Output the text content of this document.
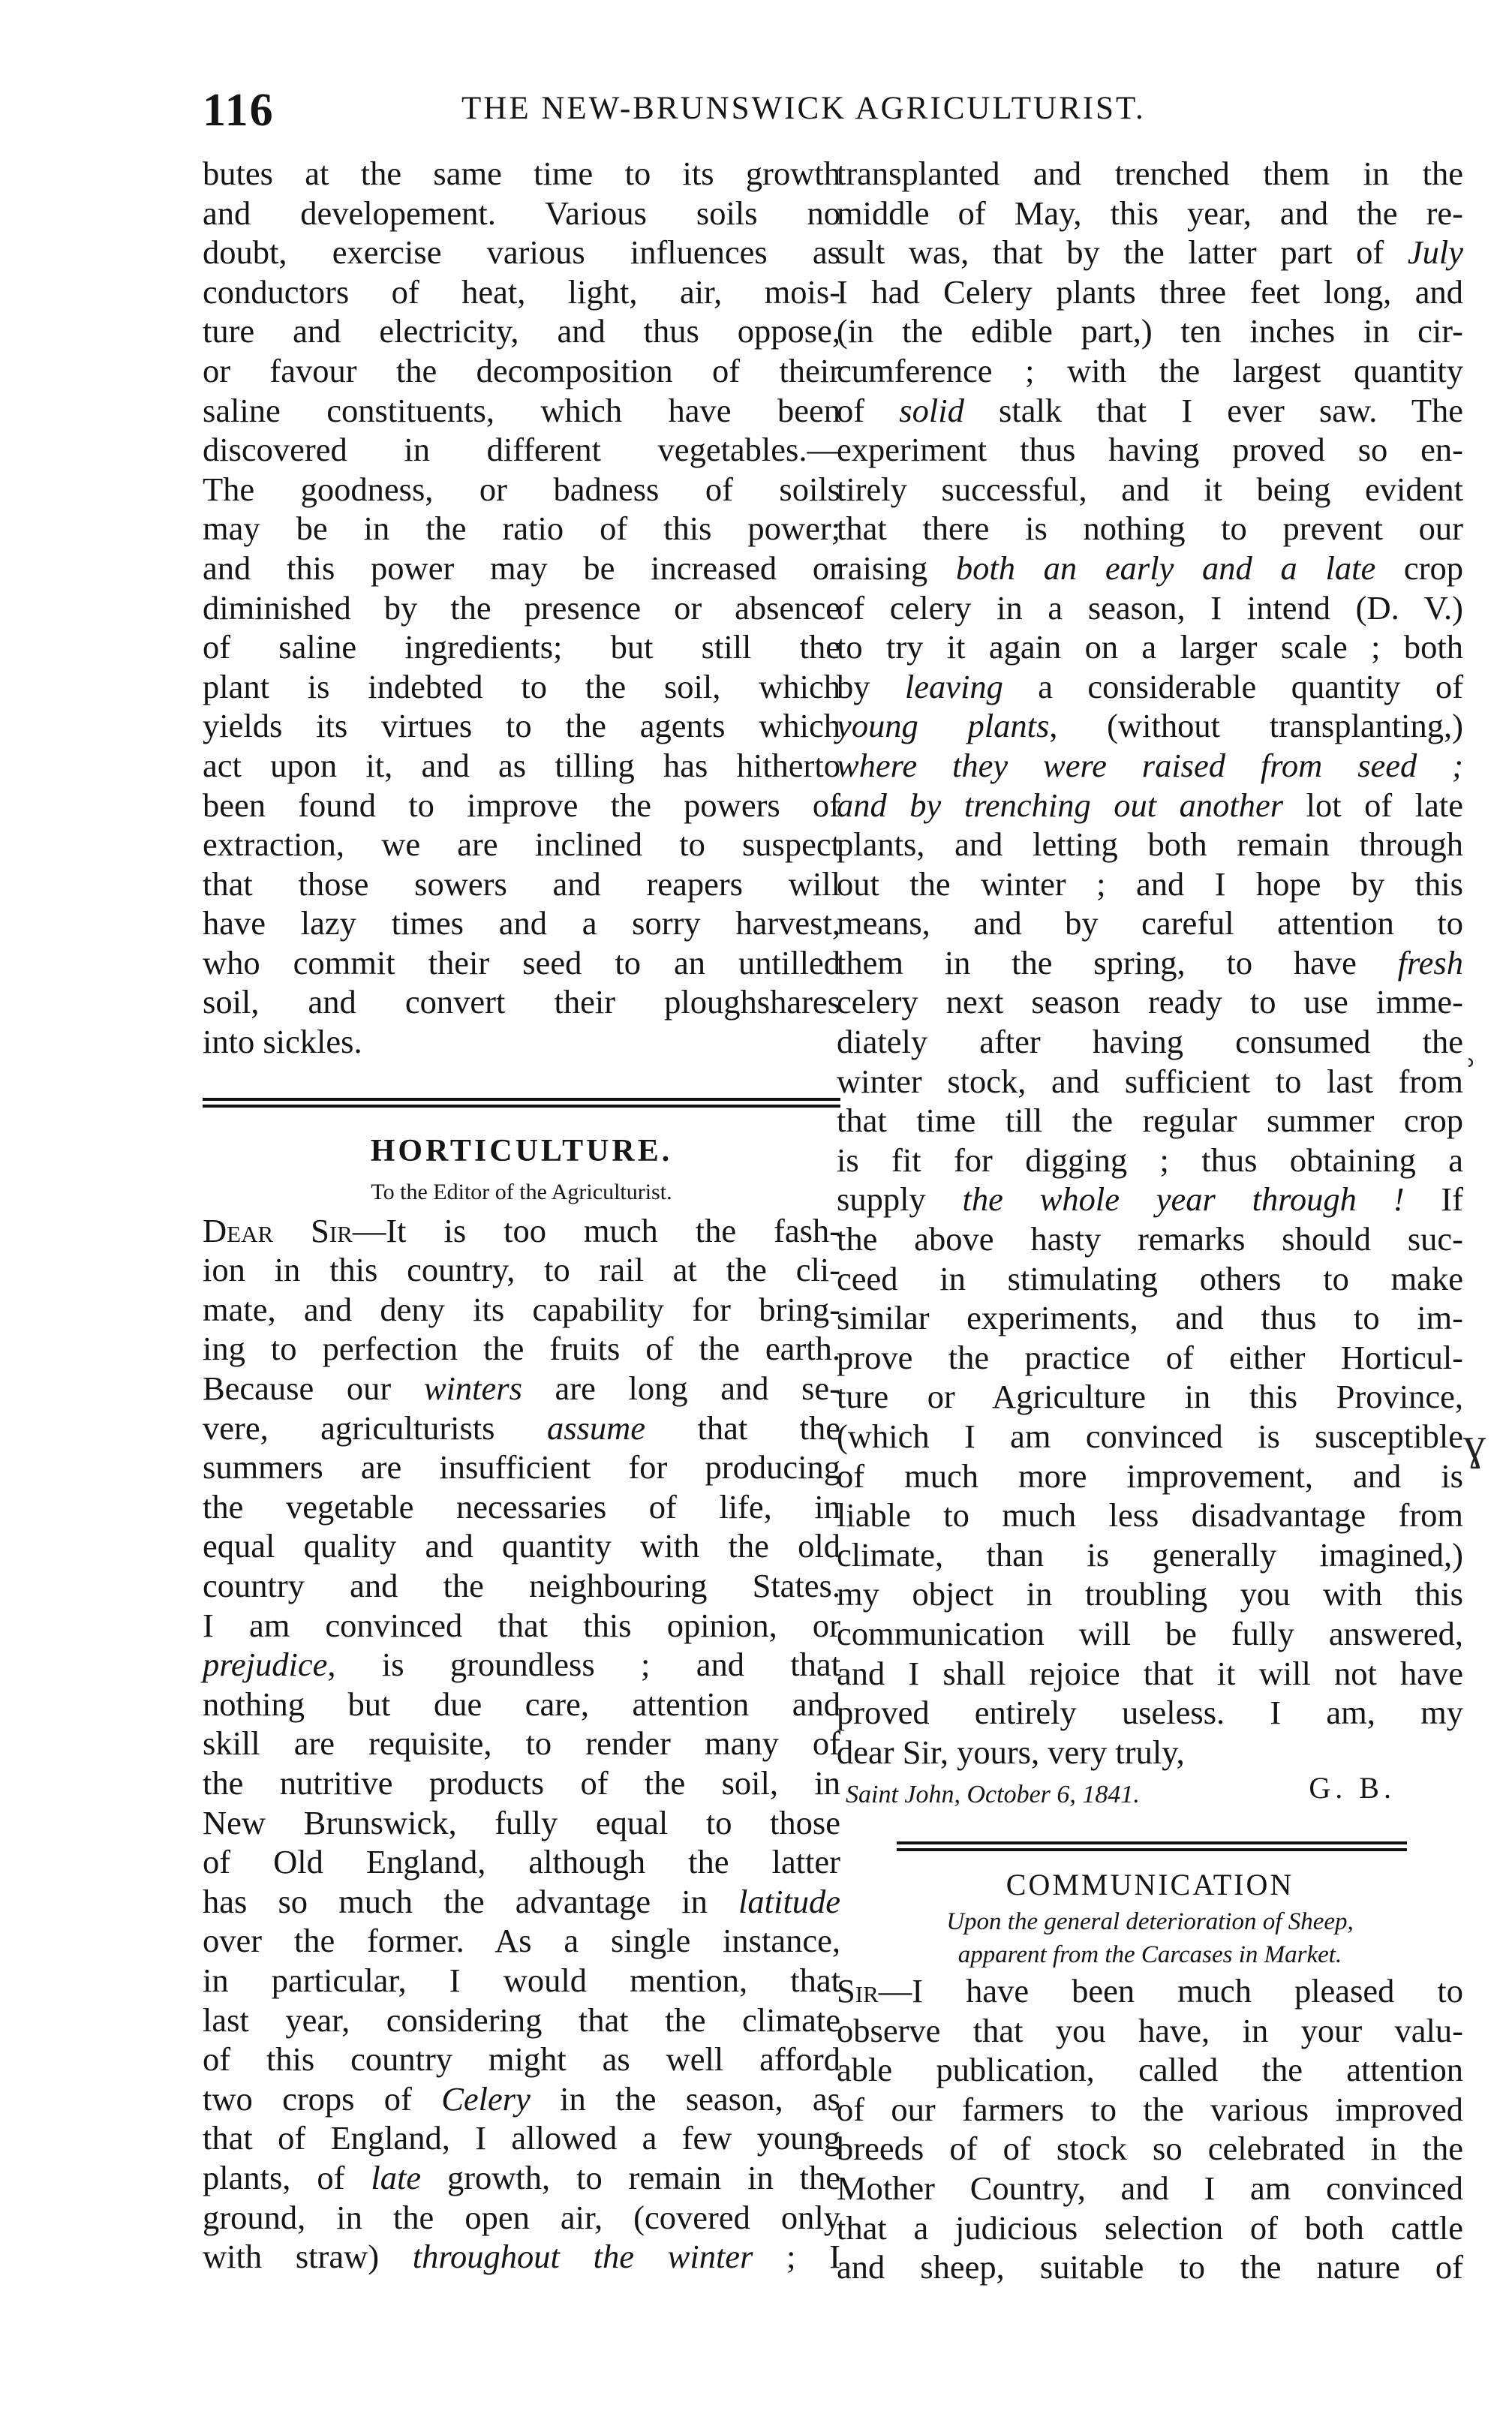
116	THE NEW-BRUNSWICK AGRICULTURIST.
butes at the same time to its growth
and developement. Various soils no
doubt, exercise various influences as
conductors of heat, light, air, mois-
ture and electricity, and thus oppose,
or favour the decomposition of their
saline constituents, which have been
discovered in different vegetables.—
The goodness, or badness of soils
may be in the ratio of this power;
and this power may be increased or
diminished by the presence or absence
of saline ingredients; but still the
plant is indebted to the soil, which
yields its virtues to the agents which
act upon it, and as tilling has hitherto
been found to improve the powers of
extraction, we are inclined to suspect
that those sowers and reapers will
have lazy times and a sorry harvest,
who commit their seed to an untilled
soil, and convert their ploughshares
into sickles.
HORTICULTURE.
To the Editor of the Agriculturist.
Dear Sir—It is too much the fash-
ion in this country, to rail at the cli-
mate, and deny its capability for bring-
ing to perfection the fruits of the earth.
Because our winters are long and se-
vere, agriculturists assume that the
summers are insufficient for producing
the vegetable necessaries of life, in
equal quality and quantity with the old
country and the neighbouring States.
I am convinced that this opinion, or
prejudice, is groundless ; and that
nothing but due care, attention and
skill are requisite, to render many of
the nutritive products of the soil, in
New Brunswick, fully equal to those
of Old England, although the latter
has so much the advantage in latitude
over the former. As a single instance,
in particular, I would mention, that
last year, considering that the climate
of this country might as well afford
two crops of Celery in the season, as
that of England, I allowed a few young
plants, of late growth, to remain in the
ground, in the open air, (covered only
with straw) throughout the winter ; I
transplanted and trenched them in the
middle of May, this year, and the re-
sult was, that by the latter part of July
I had Celery plants three feet long, and
(in the edible part,) ten inches in cir-
cumference ; with the largest quantity
of solid stalk that I ever saw. The
experiment thus having proved so en-
tirely successful, and it being evident
that there is nothing to prevent our
raising both an early and a late crop
of celery in a season, I intend (D. V.)
to try it again on a larger scale ; both
by leaving a considerable quantity of
young plants, (without transplanting,)
where they were raised from seed ;
and by trenching out another lot of late
plants, and letting both remain through
out the winter ; and I hope by this
means, and by careful attention to
them in the spring, to have fresh
celery next season ready to use imme-
diately after having consumed the
winter stock, and sufficient to last from
that time till the regular summer crop
is fit for digging ; thus obtaining a
supply the whole year through ! If
the above hasty remarks should suc-
ceed in stimulating others to make
similar experiments, and thus to im-
prove the practice of either Horticul-
ture or Agriculture in this Province,
(which I am convinced is susceptible
of much more improvement, and is
liable to much less disadvantage from
climate, than is generally imagined,)
my object in troubling you with this
communication will be fully answered,
and I shall rejoice that it will not have
proved entirely useless. I am, my
dear Sir, yours, very truly,
Saint John, October 6, 1841.	G. B.
COMMUNICATION
Upon the general deterioration of Sheep,
apparent from the Carcases in Market.
Sir—I have been much pleased to
observe that you have, in your valu-
able publication, called the attention
of our farmers to the various improved
breeds of of stock so celebrated in the
Mother Country, and I am convinced
that a judicious selection of both cattle
and sheep, suitable to the nature of
ʾ
ɣ
